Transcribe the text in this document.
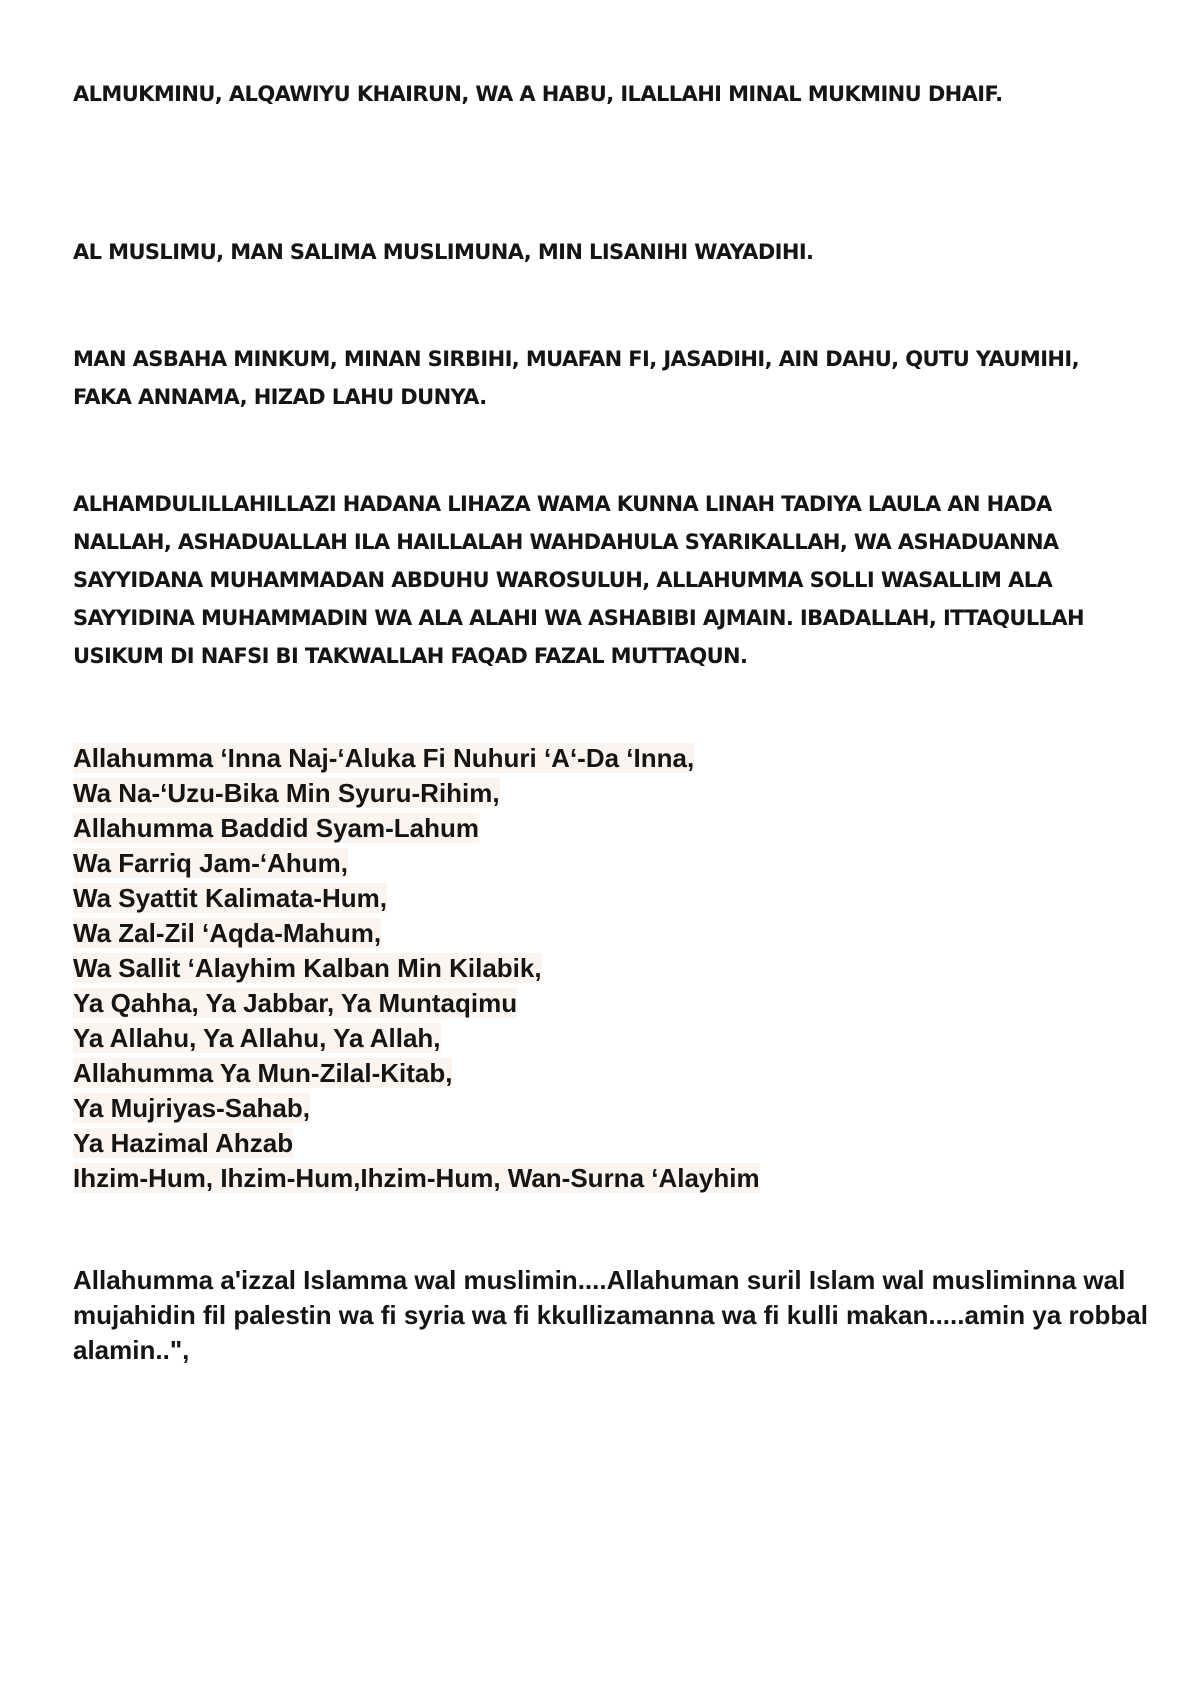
ALMUKMINU, ALQAWIYU KHAIRUN, WA A HABU, ILALLAHI MINAL MUKMINU DHAIF.

AL MUSLIMU, MAN SALIMA MUSLIMUNA, MIN LISANIHI WAYADIHI.

MAN ASBAHA MINKUM, MINAN SIRBIHI, MUAFAN FI, JASADIHI, AIN DAHU, QUTU YAUMIHI, FAKA ANNAMA, HIZAD LAHU DUNYA.

ALHAMDULILLAHILLAZI HADANA LIHAZA WAMA KUNNA LINAH TADIYA LAULA AN HADA NALLAH, ASHADUALLAH ILA HAILLALAH WAHDAHULA SYARIKALLAH, WA ASHADUANNA SAYYIDANA MUHAMMADAN ABDUHU WAROSULUH, ALLAHUMMA SOLLI WASALLIM ALA SAYYIDINA MUHAMMADIN WA ALA ALAHI WA ASHABIBI AJMAIN. IBADALLAH, ITTAQULLAH USIKUM DI NAFSI BI TAKWALLAH FAQAD FAZAL MUTTAQUN.

Allahumma ‘Inna Naj-‘Aluka Fi Nuhuri ‘A‘-Da ‘Inna,
Wa Na-‘Uzu-Bika Min Syuru-Rihim,
Allahumma Baddid Syam-Lahum
Wa Farriq Jam-‘Ahum,
Wa Syattit Kalimata-Hum,
Wa Zal-Zil ‘Aqda-Mahum,
Wa Sallit ‘Alayhim Kalban Min Kilabik,
Ya Qahha, Ya Jabbar, Ya Muntaqimu
Ya Allahu, Ya Allahu, Ya Allah,
Allahumma Ya Mun-Zilal-Kitab,
Ya Mujriyas-Sahab,
Ya Hazimal Ahzab
Ihzim-Hum, Ihzim-Hum,Ihzim-Hum, Wan-Surna ‘Alayhim

Allahumma a'izzal Islamma wal muslimin....Allahuman suril Islam wal musliminna wal mujahidin fil palestin wa fi syria wa fi kkullizamanna wa fi kulli makan.....amin ya robbal alamin..",
